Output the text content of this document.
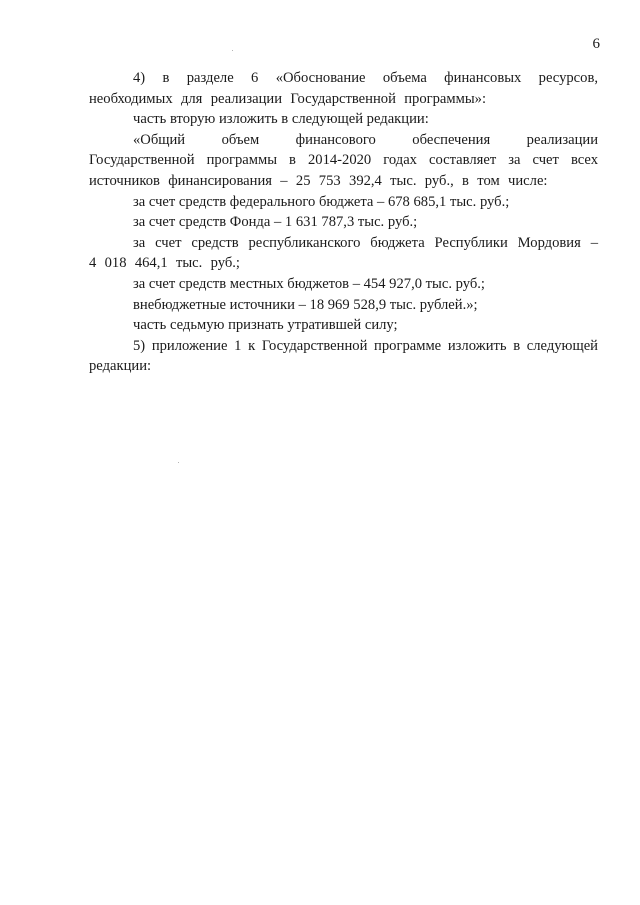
6

4) в разделе 6 «Обоснование объема финансовых ресурсов, необходимых для реализации Государственной программы»:

часть вторую изложить в следующей редакции:

«Общий объем финансового обеспечения реализации Государственной программы в 2014-2020 годах составляет за счет всех источников финансирования – 25 753 392,4 тыс. руб., в том числе:

за счет средств федерального бюджета – 678 685,1 тыс. руб.;

за счет средств Фонда – 1 631 787,3 тыс. руб.;

за счет средств республиканского бюджета Республики Мордовия – 4 018 464,1 тыс. руб.;

за счет средств местных бюджетов – 454 927,0 тыс. руб.;

внебюджетные источники – 18 969 528,9 тыс. рублей.»;

часть седьмую признать утратившей силу;

5) приложение 1 к Государственной программе изложить в следующей редакции:
